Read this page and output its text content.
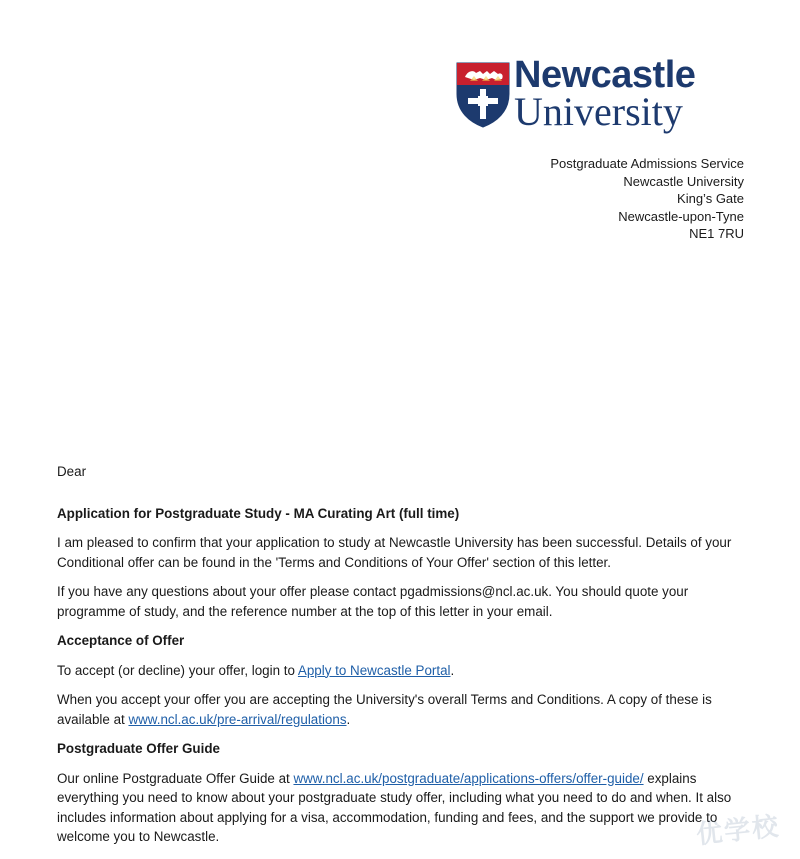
Newcastle
University
Postgraduate Admissions Service
Newcastle University
King’s Gate
Newcastle-upon-Tyne
NE1 7RU

Dear

Application for Postgraduate Study - MA Curating Art (full time)

I am pleased to confirm that your application to study at Newcastle University has been successful. Details of your Conditional offer can be found in the 'Terms and Conditions of Your Offer' section of this letter.

If you have any questions about your offer please contact pgadmissions@ncl.ac.uk. You should quote your programme of study, and the reference number at the top of this letter in your email.

Acceptance of Offer

To accept (or decline) your offer, login to Apply to Newcastle Portal.

When you accept your offer you are accepting the University's overall Terms and Conditions. A copy of these is available at www.ncl.ac.uk/pre-arrival/regulations.

Postgraduate Offer Guide

Our online Postgraduate Offer Guide at www.ncl.ac.uk/postgraduate/applications-offers/offer-guide/ explains everything you need to know about your postgraduate study offer, including what you need to do and when. It also includes information about applying for a visa, accommodation, funding and fees, and the support we provide to welcome you to Newcastle.	优学校
